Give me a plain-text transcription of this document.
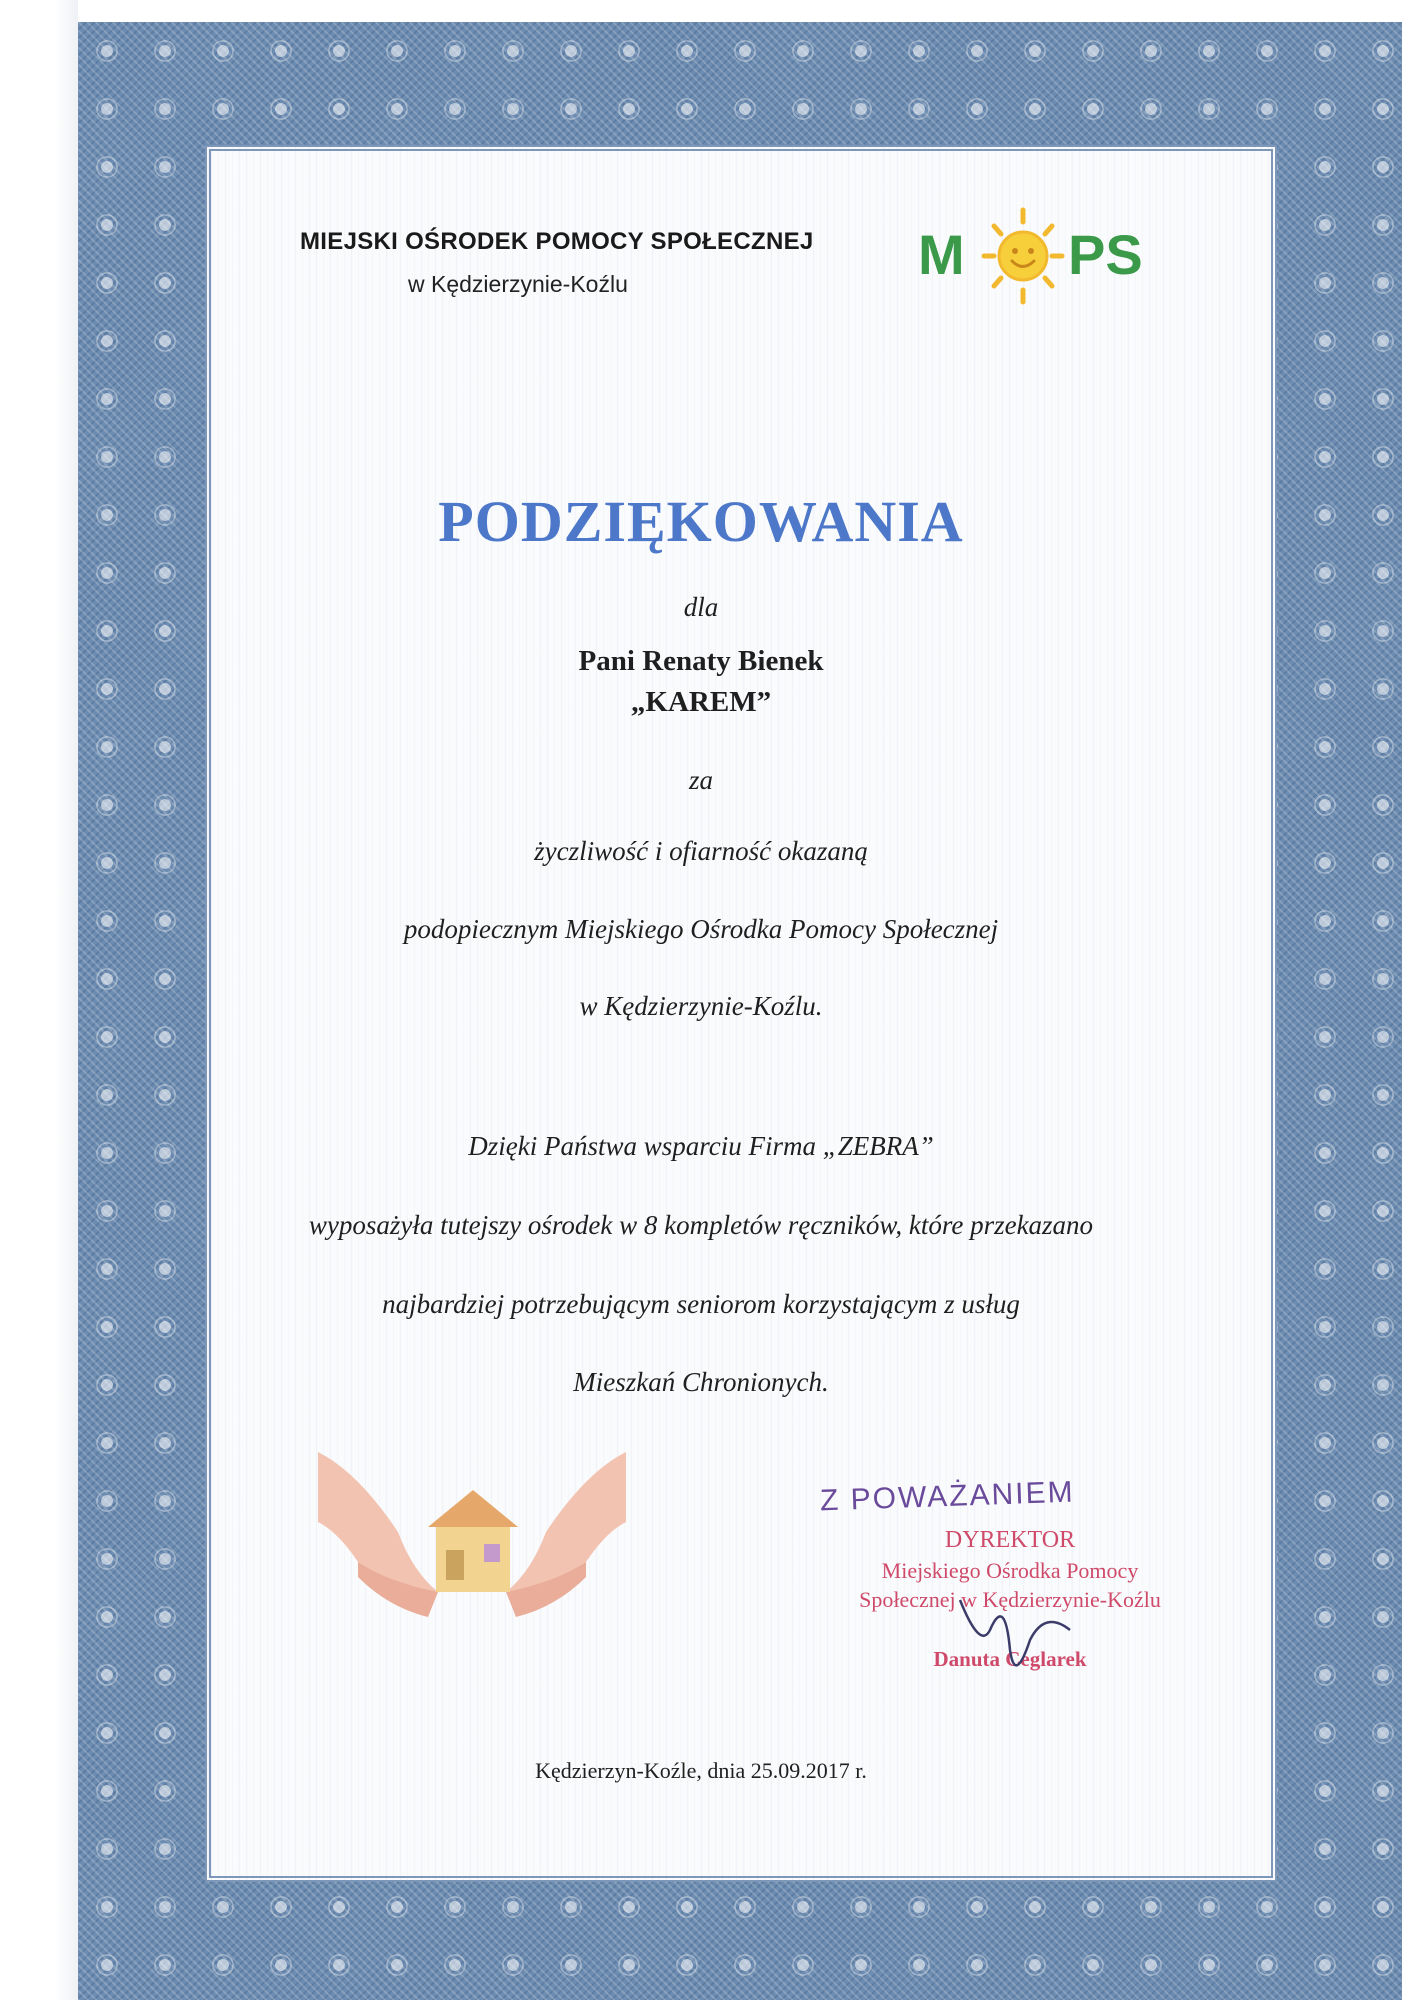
MIEJSKI OŚRODEK POMOCY SPOŁECZNEJ
w Kędzierzynie-Koźlu	M PS
PODZIĘKOWANIA
dla
Pani Renaty Bienek
„KAREM”
za
życzliwość i ofiarność okazaną
podopiecznym Miejskiego Ośrodka Pomocy Społecznej
w Kędzierzynie-Koźlu.
Dzięki Państwa wsparciu Firma „ZEBRA”
wyposażyła tutejszy ośrodek w 8 kompletów ręczników, które przekazano
najbardziej potrzebującym seniorom korzystającym z usług
Mieszkań Chronionych.
Z POWAŻANIEM
DYREKTOR
Miejskiego Ośrodka Pomocy
Społecznej w Kędzierzynie-Koźlu
Danuta Ceglarek
Kędzierzyn-Koźle, dnia 25.09.2017 r.
